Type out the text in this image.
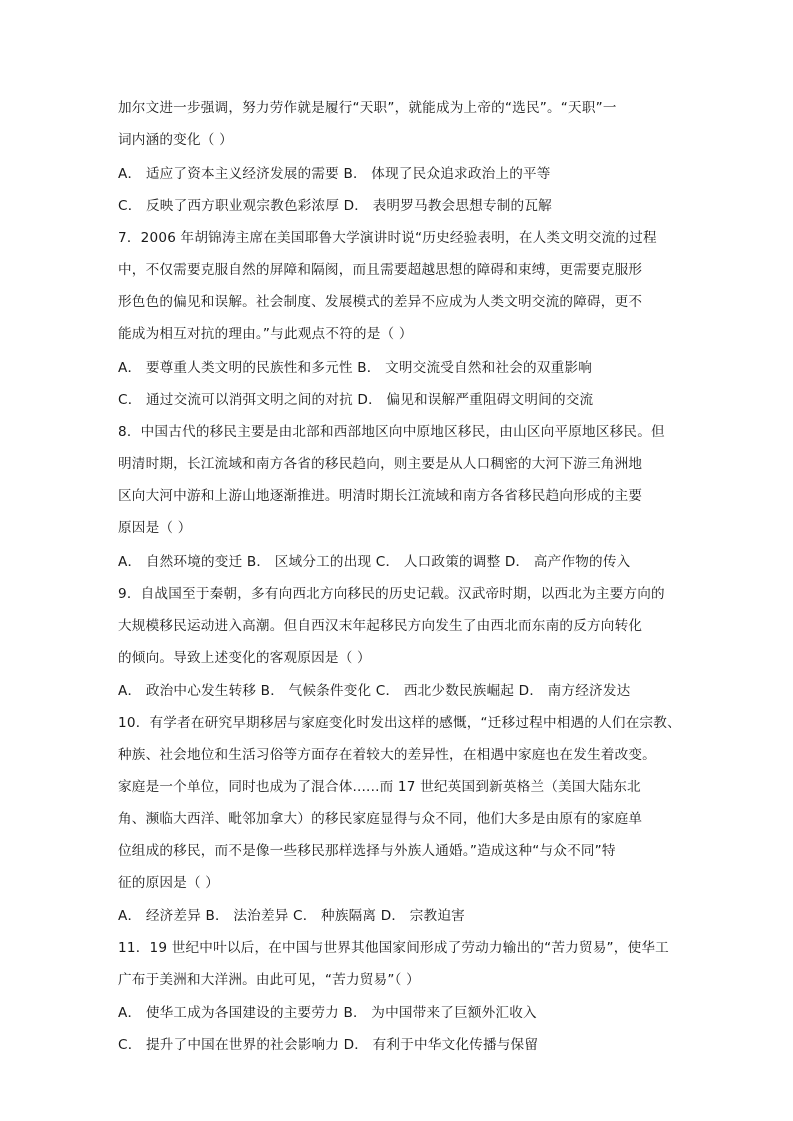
加尔文进一步强调，努力劳作就是履行“天职”，就能成为上帝的“选民”。“天职”一
词内涵的变化（ ）
A． 适应了资本主义经济发展的需要 B． 体现了民众追求政治上的平等
C． 反映了西方职业观宗教色彩浓厚 D． 表明罗马教会思想专制的瓦解
7．2006 年胡锦涛主席在美国耶鲁大学演讲时说“历史经验表明，在人类文明交流的过程
中，不仅需要克服自然的屏障和隔阂，而且需要超越思想的障碍和束缚，更需要克服形
形色色的偏见和误解。社会制度、发展模式的差异不应成为人类文明交流的障碍，更不
能成为相互对抗的理由。”与此观点不符的是（ ）
A． 要尊重人类文明的民族性和多元性 B． 文明交流受自然和社会的双重影响
C． 通过交流可以消弭文明之间的对抗 D． 偏见和误解严重阻碍文明间的交流
8．中国古代的移民主要是由北部和西部地区向中原地区移民，由山区向平原地区移民。但
明清时期，长江流域和南方各省的移民趋向，则主要是从人口稠密的大河下游三角洲地
区向大河中游和上游山地逐渐推进。明清时期长江流域和南方各省移民趋向形成的主要
原因是（ ）
A． 自然环境的变迁 B． 区域分工的出现 C． 人口政策的调整 D． 高产作物的传入
9．自战国至于秦朝，多有向西北方向移民的历史记载。汉武帝时期，以西北为主要方向的
大规模移民运动进入高潮。但自西汉末年起移民方向发生了由西北而东南的反方向转化
的倾向。导致上述变化的客观原因是（ ）
A． 政治中心发生转移 B． 气候条件变化 C． 西北少数民族崛起 D． 南方经济发达
10．有学者在研究早期移居与家庭变化时发出这样的感慨，“迁移过程中相遇的人们在宗教、
种族、社会地位和生活习俗等方面存在着较大的差异性，在相遇中家庭也在发生着改变。
家庭是一个单位，同时也成为了混合体......而 17 世纪英国到新英格兰（美国大陆东北
角、濒临大西洋、毗邻加拿大）的移民家庭显得与众不同，他们大多是由原有的家庭单
位组成的移民，而不是像一些移民那样选择与外族人通婚。”造成这种“与众不同”特
征的原因是（ ）
A． 经济差异 B． 法治差异 C． 种族隔离 D． 宗教迫害
11．19 世纪中叶以后，在中国与世界其他国家间形成了劳动力输出的“苦力贸易”，使华工
广布于美洲和大洋洲。由此可见，“苦力贸易”（ ）
A． 使华工成为各国建设的主要劳力 B． 为中国带来了巨额外汇收入
C． 提升了中国在世界的社会影响力 D． 有利于中华文化传播与保留
